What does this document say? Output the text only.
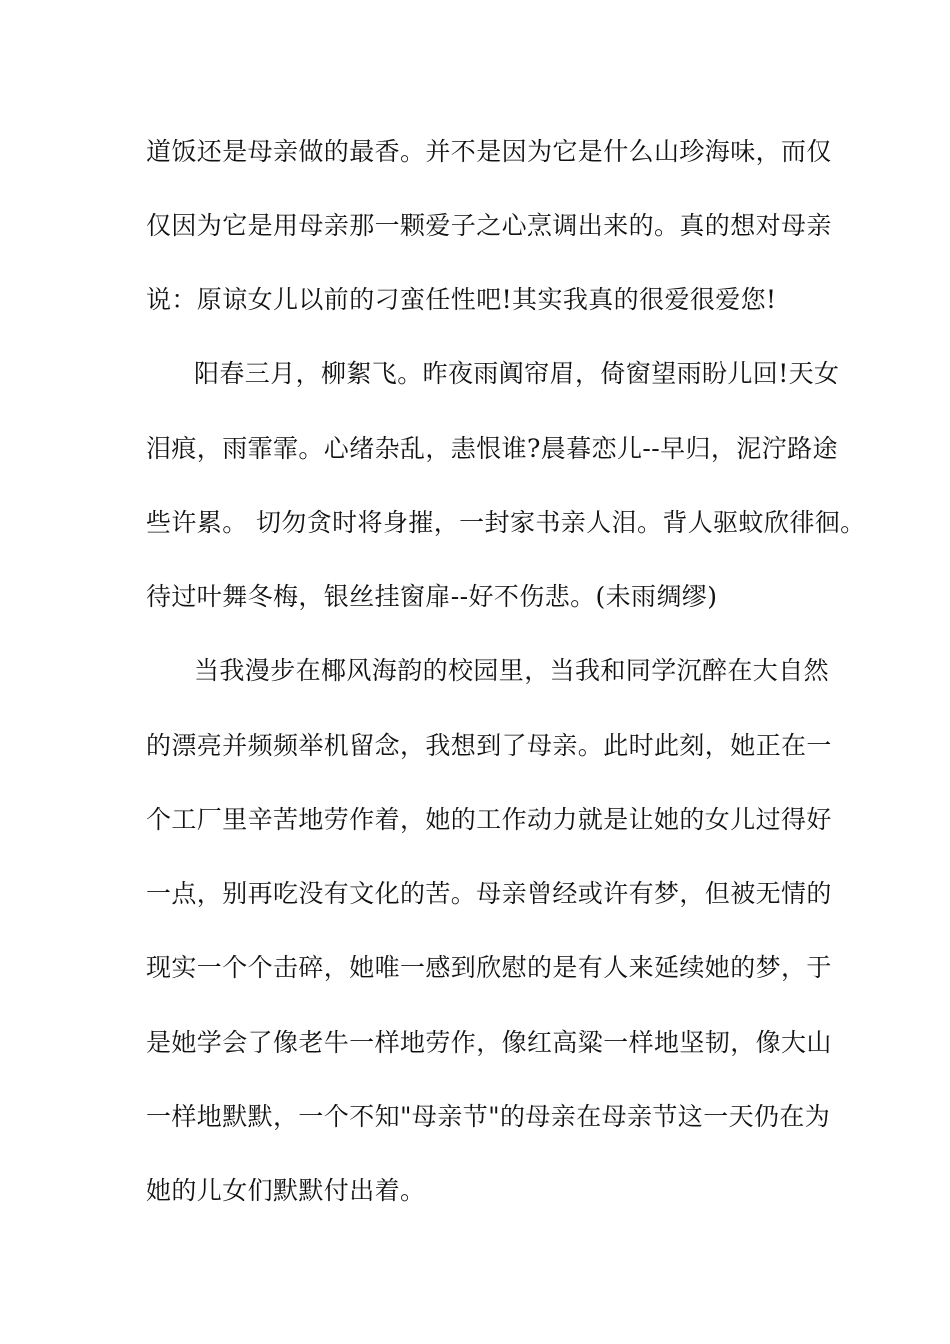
道饭还是母亲做的最香。并不是因为它是什么山珍海味，而仅

仅因为它是用母亲那一颗爱子之心烹调出来的。真的想对母亲

说：原谅女儿以前的刁蛮任性吧!其实我真的很爱很爱您!

阳春三月，柳絮飞。昨夜雨阗帘眉，倚窗望雨盼儿回!天女

泪痕，雨霏霏。心绪杂乱，恚恨谁?晨暮恋儿--早归，泥泞路途

些许累。 切勿贪时将身摧，一封家书亲人泪。背人驱蚊欣徘徊。

待过叶舞冬梅，银丝挂窗扉--好不伤悲。(未雨绸缪)

当我漫步在椰风海韵的校园里，当我和同学沉醉在大自然

的漂亮并频频举机留念，我想到了母亲。此时此刻，她正在一

个工厂里辛苦地劳作着，她的工作动力就是让她的女儿过得好

一点，别再吃没有文化的苦。母亲曾经或许有梦，但被无情的

现实一个个击碎，她唯一感到欣慰的是有人来延续她的梦，于

是她学会了像老牛一样地劳作，像红高粱一样地坚韧，像大山

一样地默默，一个不知"母亲节"的母亲在母亲节这一天仍在为

她的儿女们默默付出着。
